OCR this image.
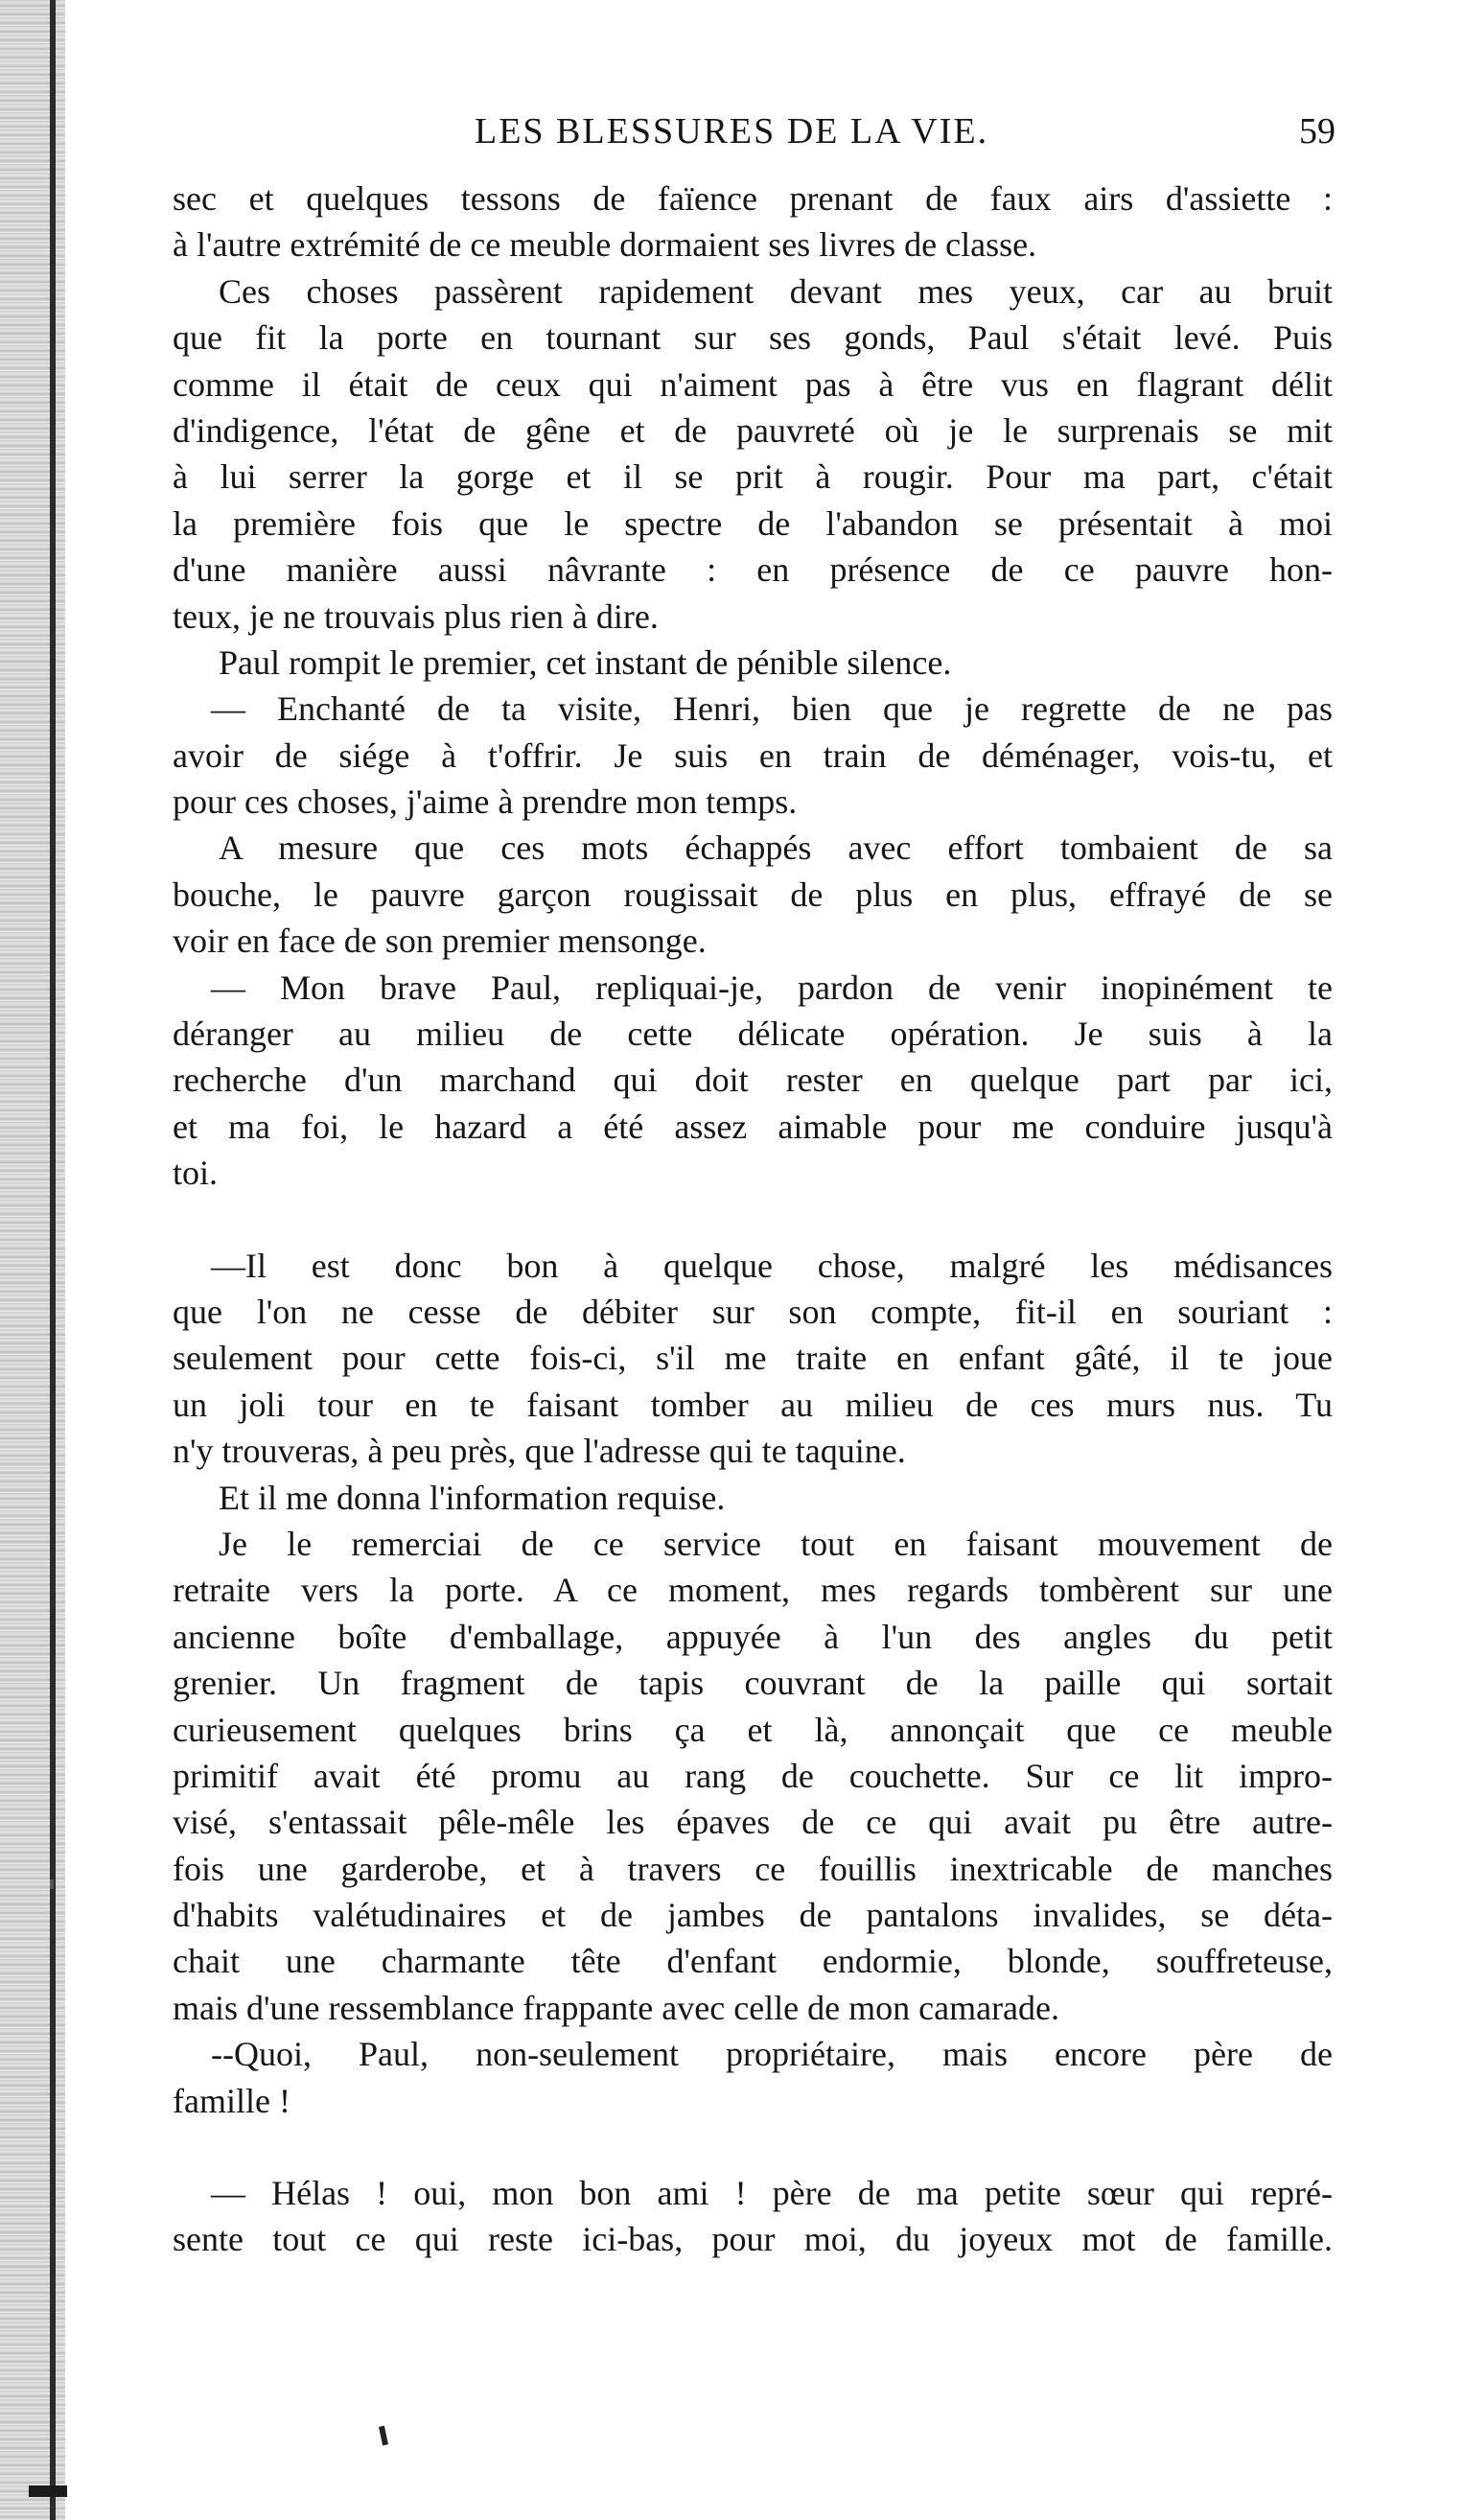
LES BLESSURES DE LA VIE.	59
sec et quelques tessons de faïence prenant de faux airs d'assiette :
à l'autre extrémité de ce meuble dormaient ses livres de classe.
Ces choses passèrent rapidement devant mes yeux, car au bruit
que fit la porte en tournant sur ses gonds, Paul s'était levé. Puis
comme il était de ceux qui n'aiment pas à être vus en flagrant délit
d'indigence, l'état de gêne et de pauvreté où je le surprenais se mit
à lui serrer la gorge et il se prit à rougir. Pour ma part, c'était
la première fois que le spectre de l'abandon se présentait à moi
d'une manière aussi nâvrante : en présence de ce pauvre hon-
teux, je ne trouvais plus rien à dire.
Paul rompit le premier, cet instant de pénible silence.
— Enchanté de ta visite, Henri, bien que je regrette de ne pas
avoir de siége à t'offrir. Je suis en train de déménager, vois-tu, et
pour ces choses, j'aime à prendre mon temps.
A mesure que ces mots échappés avec effort tombaient de sa
bouche, le pauvre garçon rougissait de plus en plus, effrayé de se
voir en face de son premier mensonge.
— Mon brave Paul, repliquai-je, pardon de venir inopinément te
déranger au milieu de cette délicate opération. Je suis à la
recherche d'un marchand qui doit rester en quelque part par ici,
et ma foi, le hazard a été assez aimable pour me conduire jusqu'à
toi.
—Il est donc bon à quelque chose, malgré les médisances
que l'on ne cesse de débiter sur son compte, fit-il en souriant :
seulement pour cette fois-ci, s'il me traite en enfant gâté, il te joue
un joli tour en te faisant tomber au milieu de ces murs nus. Tu
n'y trouveras, à peu près, que l'adresse qui te taquine.
Et il me donna l'information requise.
Je le remerciai de ce service tout en faisant mouvement de
retraite vers la porte. A ce moment, mes regards tombèrent sur une
ancienne boîte d'emballage, appuyée à l'un des angles du petit
grenier. Un fragment de tapis couvrant de la paille qui sortait
curieusement quelques brins ça et là, annonçait que ce meuble
primitif avait été promu au rang de couchette. Sur ce lit impro-
visé, s'entassait pêle-mêle les épaves de ce qui avait pu être autre-
fois une garderobe, et à travers ce fouillis inextricable de manches
d'habits valétudinaires et de jambes de pantalons invalides, se déta-
chait une charmante tête d'enfant endormie, blonde, souffreteuse,
mais d'une ressemblance frappante avec celle de mon camarade.
--Quoi, Paul, non-seulement propriétaire, mais encore père de
famille !
— Hélas ! oui, mon bon ami ! père de ma petite sœur qui repré-
sente tout ce qui reste ici-bas, pour moi, du joyeux mot de famille.
